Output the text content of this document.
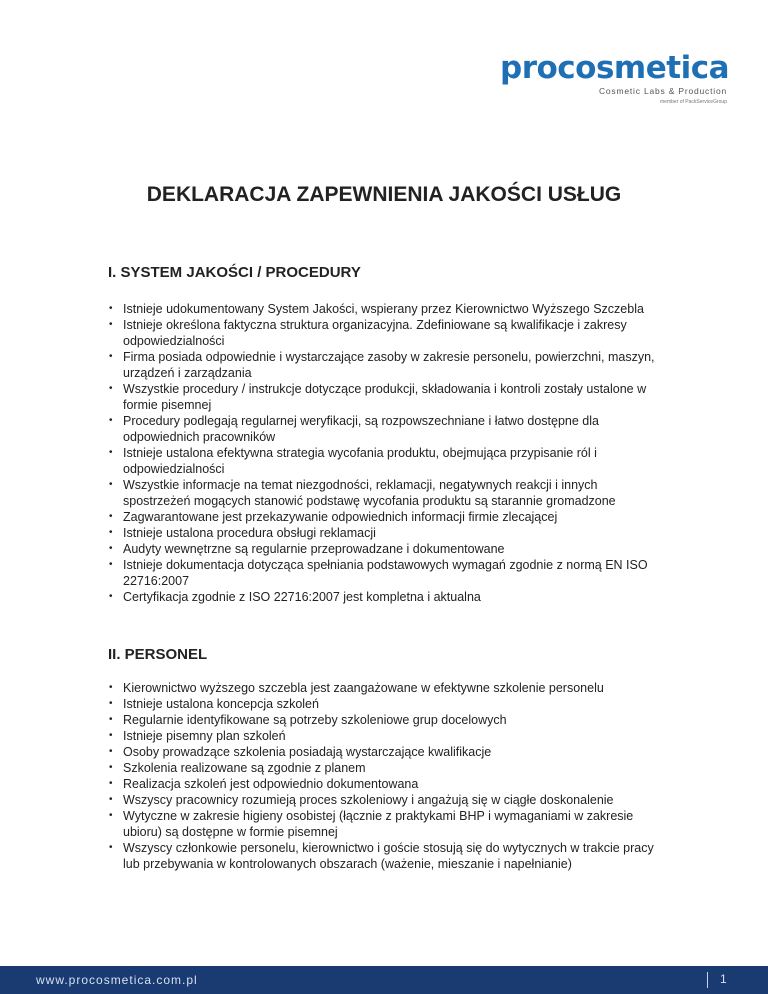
procosmetica
Cosmetic Labs & Production
member of PackServiceGroup
DEKLARACJA ZAPEWNIENIA JAKOŚCI USŁUG
I. SYSTEM JAKOŚCI / PROCEDURY
• Istnieje udokumentowany System Jakości, wspierany przez Kierownictwo Wyższego Szczebla
• Istnieje określona faktyczna struktura organizacyjna. Zdefiniowane są kwalifikacje i zakresy odpowiedzialności
• Firma posiada odpowiednie i wystarczające zasoby w zakresie personelu, powierzchni, maszyn, urządzeń i zarządzania
• Wszystkie procedury / instrukcje dotyczące produkcji, składowania i kontroli zostały ustalone w formie pisemnej
• Procedury podlegają regularnej weryfikacji, są rozpowszechniane i łatwo dostępne dla odpowiednich pracowników
• Istnieje ustalona efektywna strategia wycofania produktu, obejmująca przypisanie ról i odpowiedzialności
• Wszystkie informacje na temat niezgodności, reklamacji, negatywnych reakcji i innych spostrzeżeń mogących stanowić podstawę wycofania produktu są starannie gromadzone
• Zagwarantowane jest przekazywanie odpowiednich informacji firmie zlecającej
• Istnieje ustalona procedura obsługi reklamacji
• Audyty wewnętrzne są regularnie przeprowadzane i dokumentowane
• Istnieje dokumentacja dotycząca spełniania podstawowych wymagań zgodnie z normą EN ISO 22716:2007
• Certyfikacja zgodnie z ISO 22716:2007 jest kompletna i aktualna
II. PERSONEL
• Kierownictwo wyższego szczebla jest zaangażowane w efektywne szkolenie personelu
• Istnieje ustalona koncepcja szkoleń
• Regularnie identyfikowane są potrzeby szkoleniowe grup docelowych
• Istnieje pisemny plan szkoleń
• Osoby prowadzące szkolenia posiadają wystarczające kwalifikacje
• Szkolenia realizowane są zgodnie z planem
• Realizacja szkoleń jest odpowiednio dokumentowana
• Wszyscy pracownicy rozumieją proces szkoleniowy i angażują się w ciągłe doskonalenie
• Wytyczne w zakresie higieny osobistej (łącznie z praktykami BHP i wymaganiami w zakresie ubioru) są dostępne w formie pisemnej
• Wszyscy członkowie personelu, kierownictwo i goście stosują się do wytycznych w trakcie pracy lub przebywania w kontrolowanych obszarach (ważenie, mieszanie i napełnianie)
www.procosmetica.com.pl	1
